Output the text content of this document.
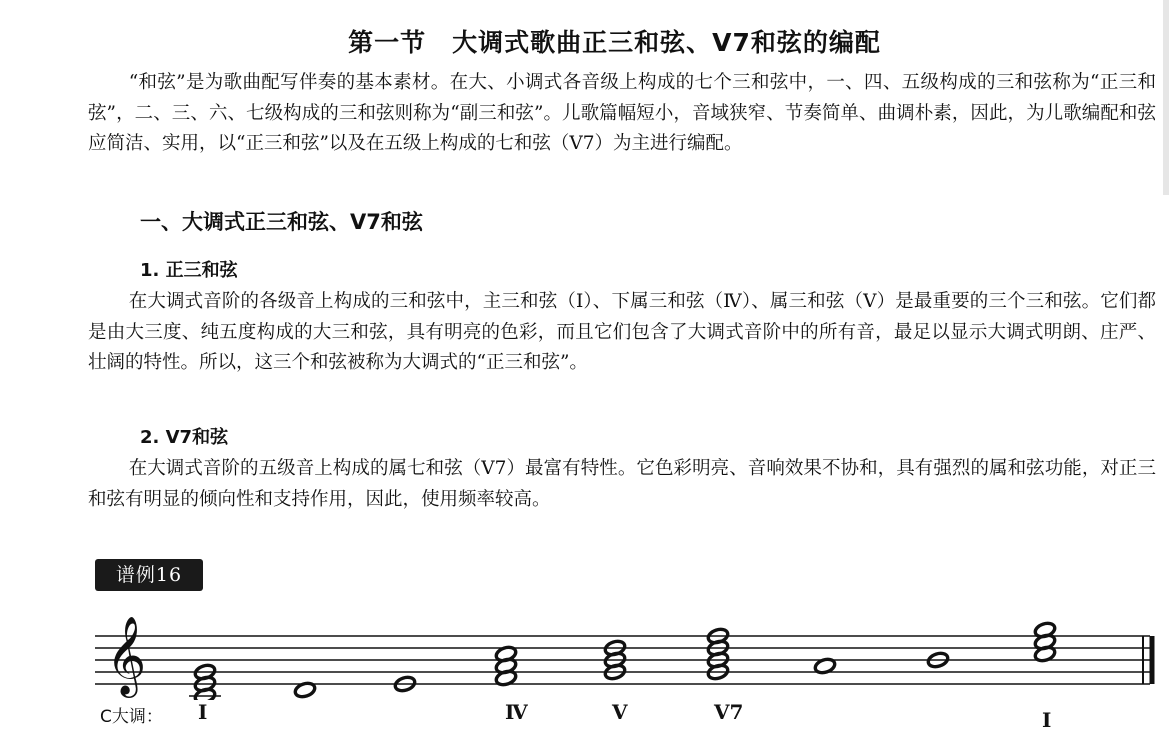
第一节　大调式歌曲正三和弦、V7和弦的编配

“和弦”是为歌曲配写伴奏的基本素材。在大、小调式各音级上构成的七个三和弦中，一、四、五级构成的三和弦称为“正三和弦”，二、三、六、七级构成的三和弦则称为“副三和弦”。儿歌篇幅短小，音域狭窄、节奏简单、曲调朴素，因此，为儿歌编配和弦应简洁、实用，以“正三和弦”以及在五级上构成的七和弦（V7）为主进行编配。

一、大调式正三和弦、V7和弦
1. 正三和弦

在大调式音阶的各级音上构成的三和弦中，主三和弦（Ⅰ）、下属三和弦（Ⅳ）、属三和弦（Ⅴ）是最重要的三个三和弦。它们都是由大三度、纯五度构成的大三和弦，具有明亮的色彩，而且它们包含了大调式音阶中的所有音，最足以显示大调式明朗、庄严、壮阔的特性。所以，这三个和弦被称为大调式的“正三和弦”。

2. V7和弦

在大调式音阶的五级音上构成的属七和弦（V7）最富有特性。它色彩明亮、音响效果不协和，具有强烈的属和弦功能，对正三和弦有明显的倾向性和支持作用，因此，使用频率较高。

谱例16
𝄞
C大调： Ⅰ	Ⅳ	Ⅴ	V7	Ⅰ
